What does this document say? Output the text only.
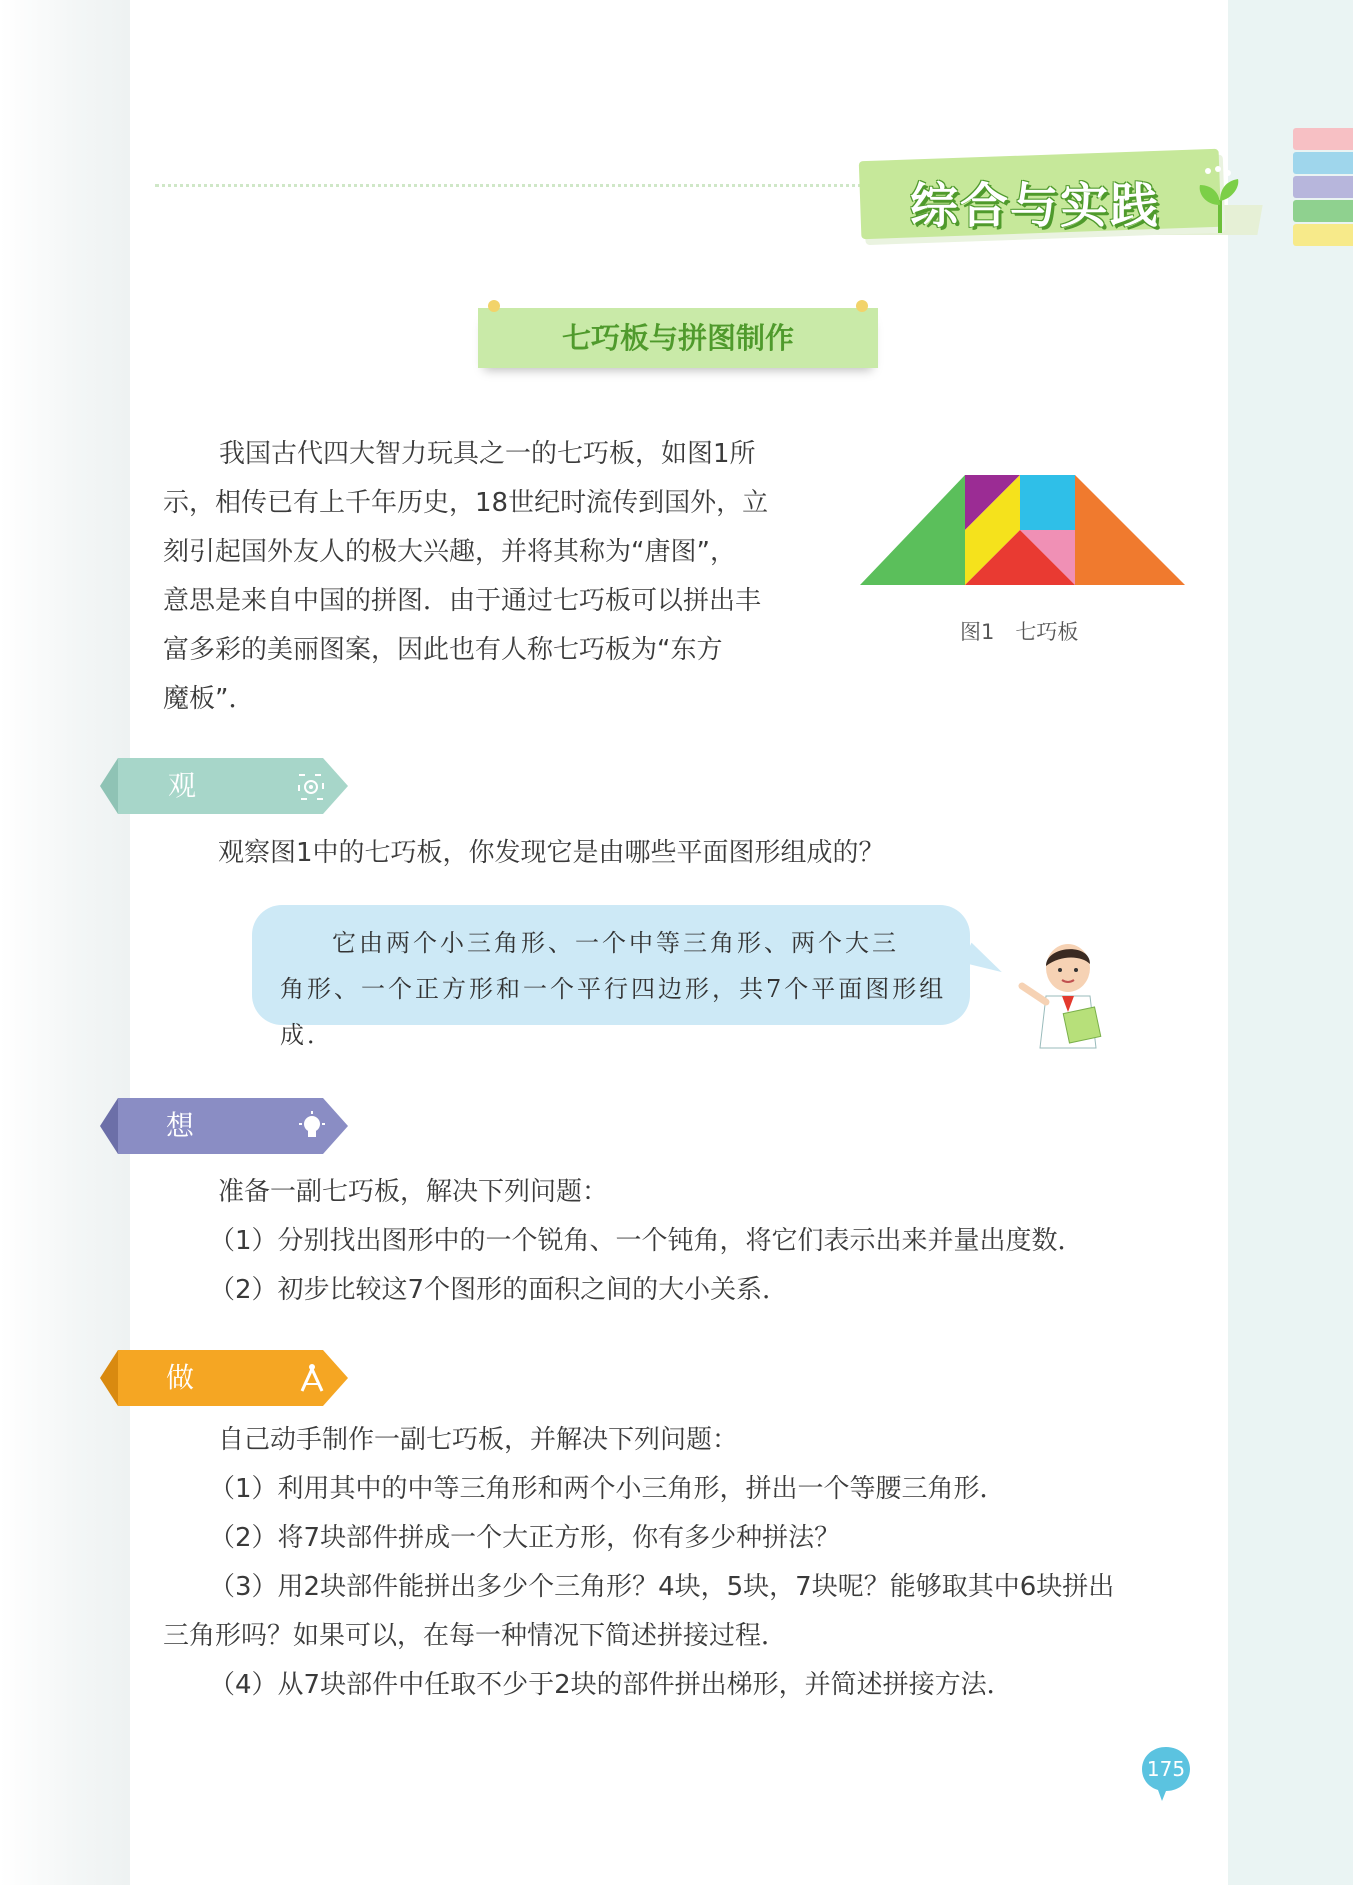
综合与实践
七巧板与拼图制作
我国古代四大智力玩具之一的七巧板，如图1所
示，相传已有上千年历史，18世纪时流传到国外，立
刻引起国外友人的极大兴趣，并将其称为“唐图”，
意思是来自中国的拼图．由于通过七巧板可以拼出丰
富多彩的美丽图案，因此也有人称七巧板为“东方
魔板”．
图1　七巧板
观　察 观察图1中的七巧板，你发现它是由哪些平面图形组成的？
它由两个小三角形、一个中等三角形、两个大三
角形、一个正方形和一个平行四边形，共7个平面图形组成．
想一想
准备一副七巧板，解决下列问题：
（1）分别找出图形中的一个锐角、一个钝角，将它们表示出来并量出度数．
（2）初步比较这7个图形的面积之间的大小关系．
做一做
自己动手制作一副七巧板，并解决下列问题：
（1）利用其中的中等三角形和两个小三角形，拼出一个等腰三角形．
（2）将7块部件拼成一个大正方形，你有多少种拼法？
（3）用2块部件能拼出多少个三角形？4块，5块，7块呢？能够取其中6块拼出
三角形吗？如果可以，在每一种情况下简述拼接过程．
（4）从7块部件中任取不少于2块的部件拼出梯形，并简述拼接方法．
175
